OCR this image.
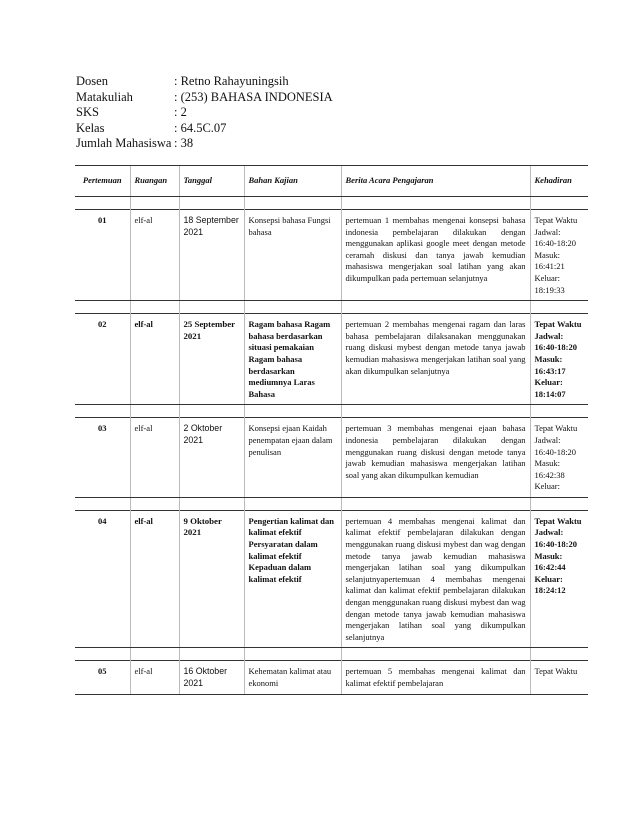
Dosen	: Retno Rahayuningsih
Matakuliah	: (253) BAHASA INDONESIA
SKS	: 2
Kelas	: 64.5C.07
Jumlah Mahasiswa : 38
Pertemuan	Ruangan	Tanggal	Bahan Kajian	Berita Acara Pengajaran	Kehadiran

01	elf-al	18 September 2021	Konsepsi bahasa Fungsi bahasa	pertemuan 1 membahas mengenai konsepsi bahasa indonesia pembelajaran dilakukan dengan menggunakan aplikasi google meet dengan metode ceramah diskusi dan tanya jawab kemudian mahasiswa mengerjakan soal latihan yang akan dikumpulkan pada pertemuan selanjutnya	Tepat Waktu Jadwal: 16:40-18:20 Masuk: 16:41:21 Keluar: 18:19:33

02	elf-al	25 September 2021	Ragam bahasa Ragam bahasa berdasarkan situasi pemakaian Ragam bahasa berdasarkan mediumnya Laras Bahasa	pertemuan 2 membahas mengenai ragam dan laras bahasa pembelajaran dilaksanakan menggunakan ruang diskusi mybest dengan metode tanya jawab kemudian mahasiswa mengerjakan latihan soal yang akan dikumpulkan selanjutnya	Tepat Waktu Jadwal: 16:40-18:20 Masuk: 16:43:17 Keluar: 18:14:07

03	elf-al	2 Oktober 2021	Konsepsi ejaan Kaidah penempatan ejaan dalam penulisan	pertemuan 3 membahas mengenai ejaan bahasa indonesia pembelajaran dilakukan dengan menggunakan ruang diskusi dengan metode tanya jawab kemudian mahasiswa mengerjakan latihan soal yang akan dikumpulkan kemudian	Tepat Waktu Jadwal: 16:40-18:20 Masuk: 16:42:38 Keluar:

04	elf-al	9 Oktober 2021	Pengertian kalimat dan kalimat efektif Persyaratan dalam kalimat efektif Kepaduan dalam kalimat efektif	pertemuan 4 membahas mengenai kalimat dan kalimat efektif pembelajaran dilakukan dengan menggunakan ruang diskusi mybest dan wag dengan metode tanya jawab kemudian mahasiswa mengerjakan latihan soal yang dikumpulkan selanjutnyapertemuan 4 membahas mengenai kalimat dan kalimat efektif pembelajaran dilakukan dengan menggunakan ruang diskusi mybest dan wag dengan metode tanya jawab kemudian mahasiswa mengerjakan latihan soal yang dikumpulkan selanjutnya	Tepat Waktu Jadwal: 16:40-18:20 Masuk: 16:42:44 Keluar: 18:24:12

05	elf-al	16 Oktober 2021	Kehematan kalimat atau ekonomi	pertemuan 5 membahas mengenai kalimat dan kalimat efektif pembelajaran	Tepat Waktu
